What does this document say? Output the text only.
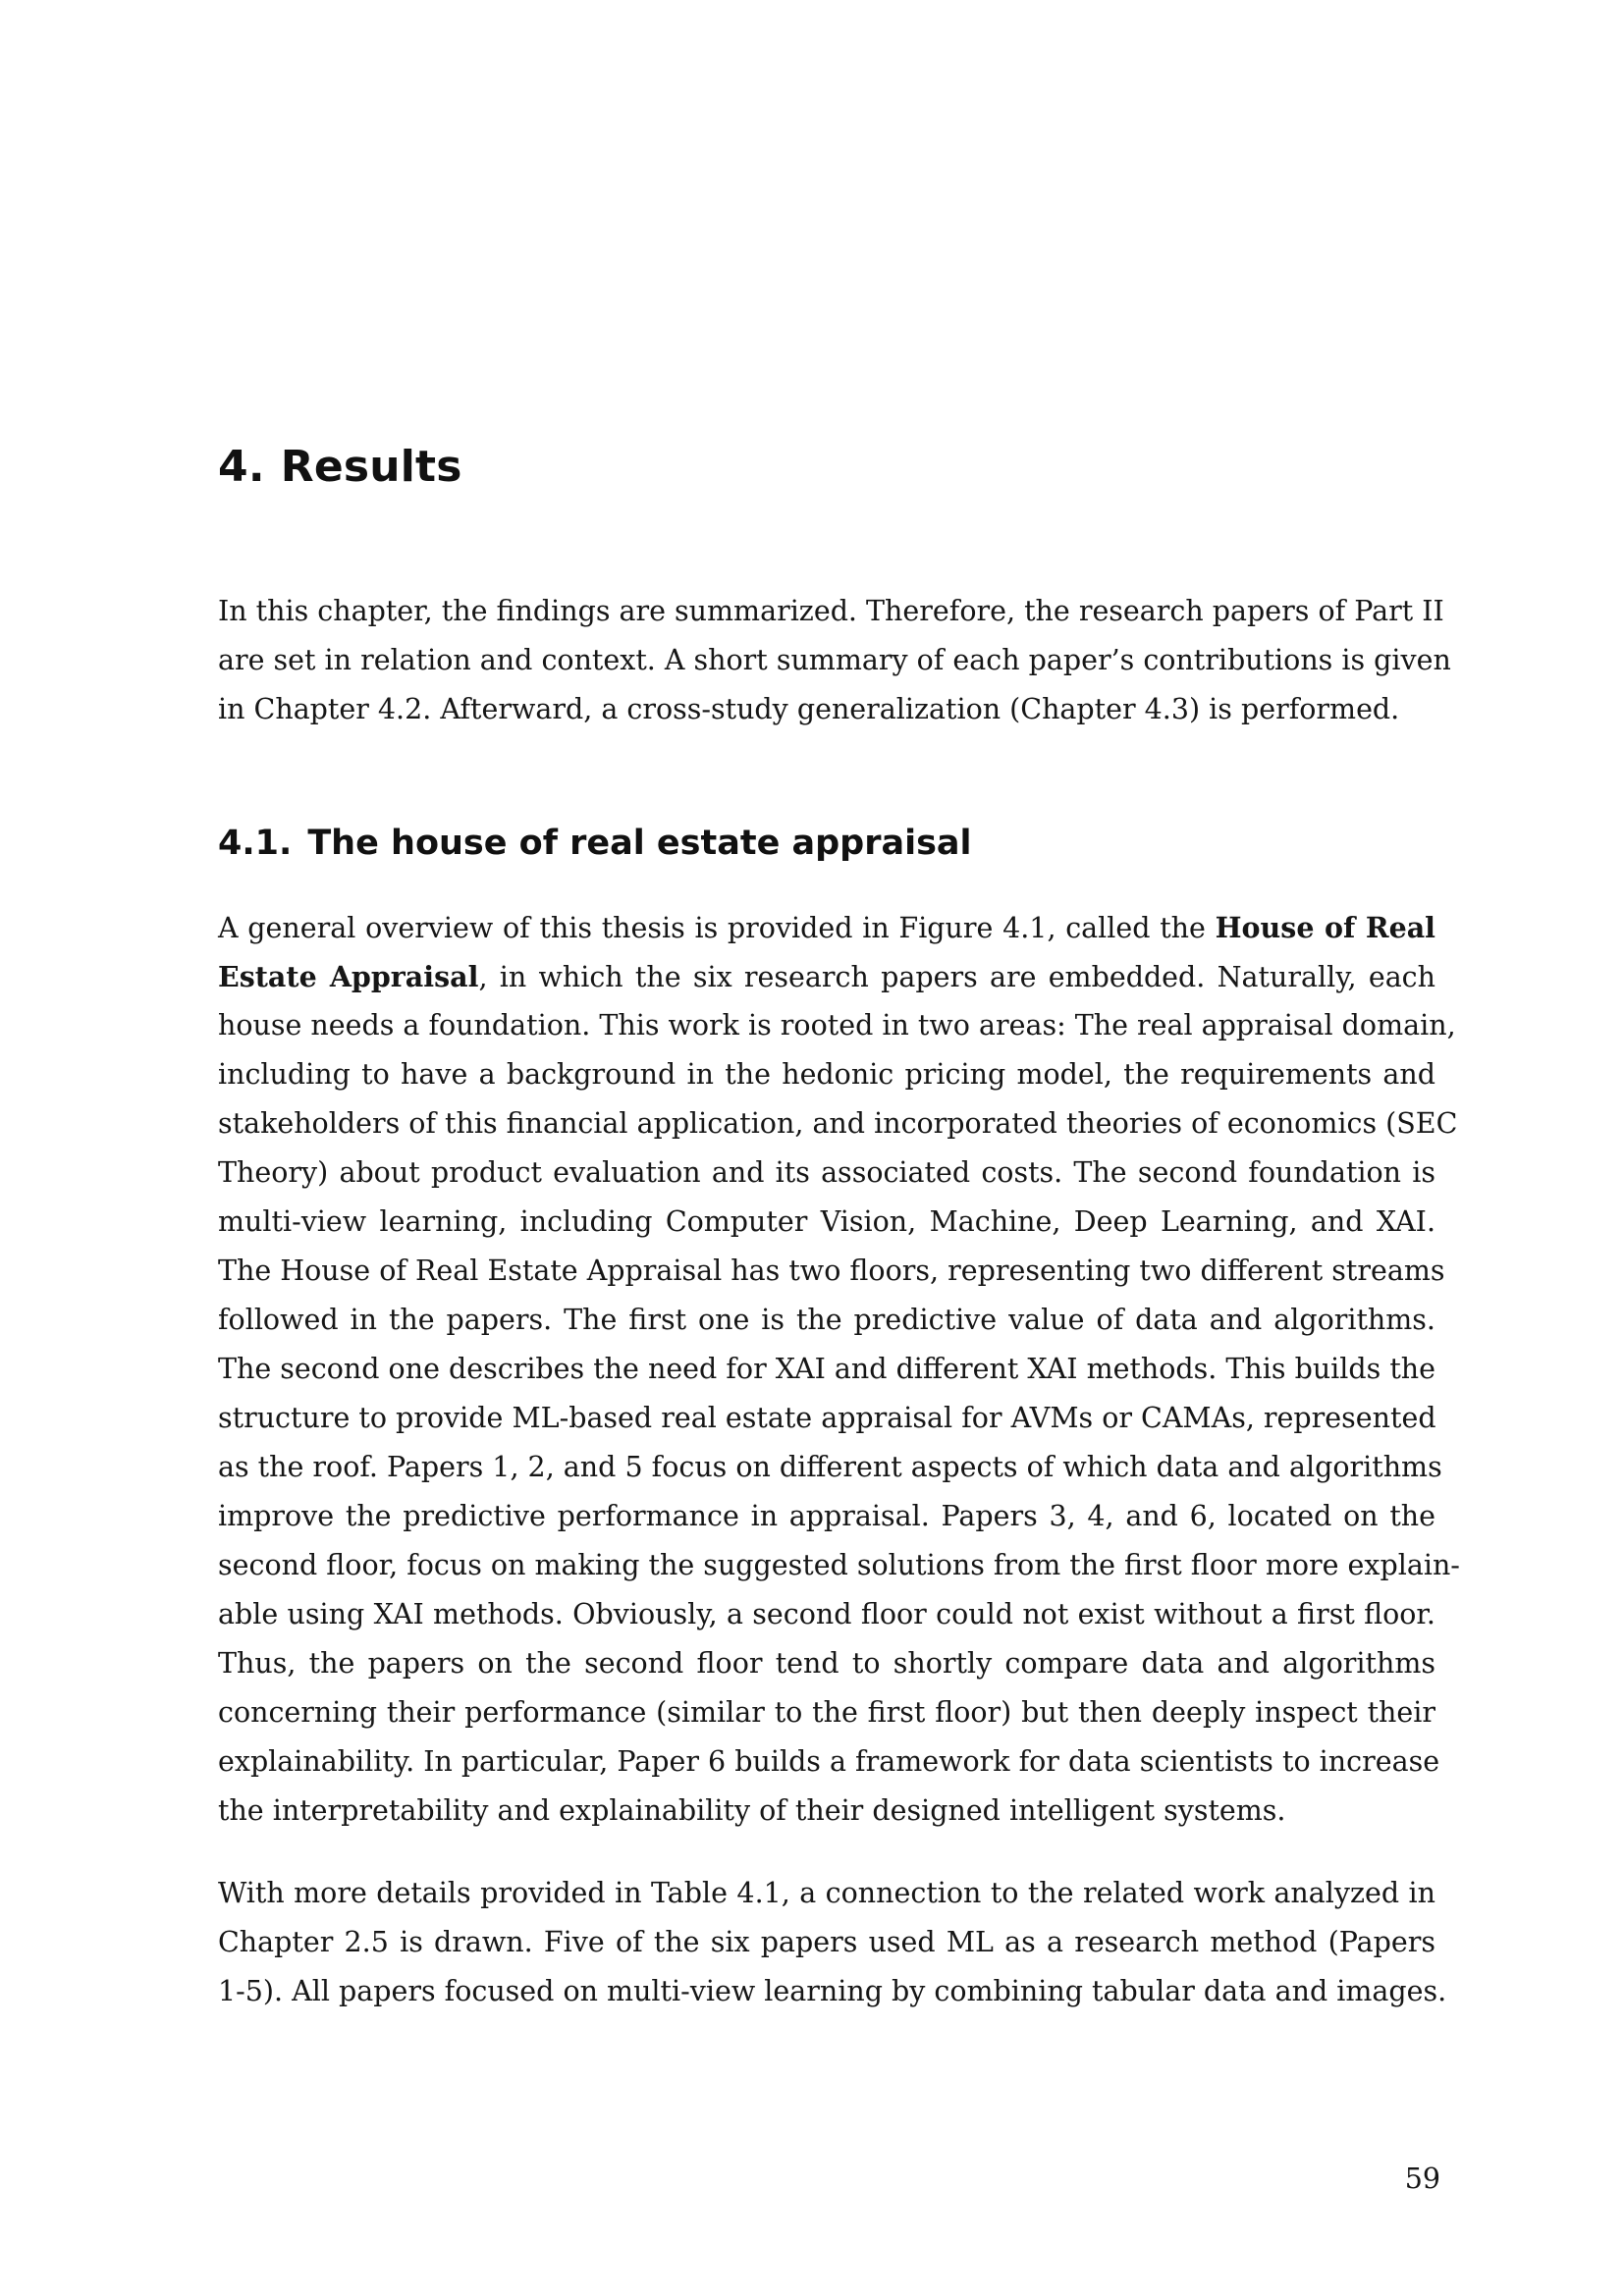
4. Results
In this chapter, the findings are summarized. Therefore, the research papers of Part II
are set in relation and context. A short summary of each paper’s contributions is given
in Chapter 4.2. Afterward, a cross-study generalization (Chapter 4.3) is performed.
4.1. The house of real estate appraisal
A general overview of this thesis is provided in Figure 4.1, called the House of Real
Estate Appraisal, in which the six research papers are embedded. Naturally, each
house needs a foundation. This work is rooted in two areas: The real appraisal domain,
including to have a background in the hedonic pricing model, the requirements and
stakeholders of this financial application, and incorporated theories of economics (SEC
Theory) about product evaluation and its associated costs. The second foundation is
multi-view learning, including Computer Vision, Machine, Deep Learning, and XAI.
The House of Real Estate Appraisal has two floors, representing two different streams
followed in the papers. The first one is the predictive value of data and algorithms.
The second one describes the need for XAI and different XAI methods. This builds the
structure to provide ML-based real estate appraisal for AVMs or CAMAs, represented
as the roof. Papers 1, 2, and 5 focus on different aspects of which data and algorithms
improve the predictive performance in appraisal. Papers 3, 4, and 6, located on the
second floor, focus on making the suggested solutions from the first floor more explain-
able using XAI methods. Obviously, a second floor could not exist without a first floor.
Thus, the papers on the second floor tend to shortly compare data and algorithms
concerning their performance (similar to the first floor) but then deeply inspect their
explainability. In particular, Paper 6 builds a framework for data scientists to increase
the interpretability and explainability of their designed intelligent systems.
With more details provided in Table 4.1, a connection to the related work analyzed in
Chapter 2.5 is drawn. Five of the six papers used ML as a research method (Papers
1-5). All papers focused on multi-view learning by combining tabular data and images.
59
